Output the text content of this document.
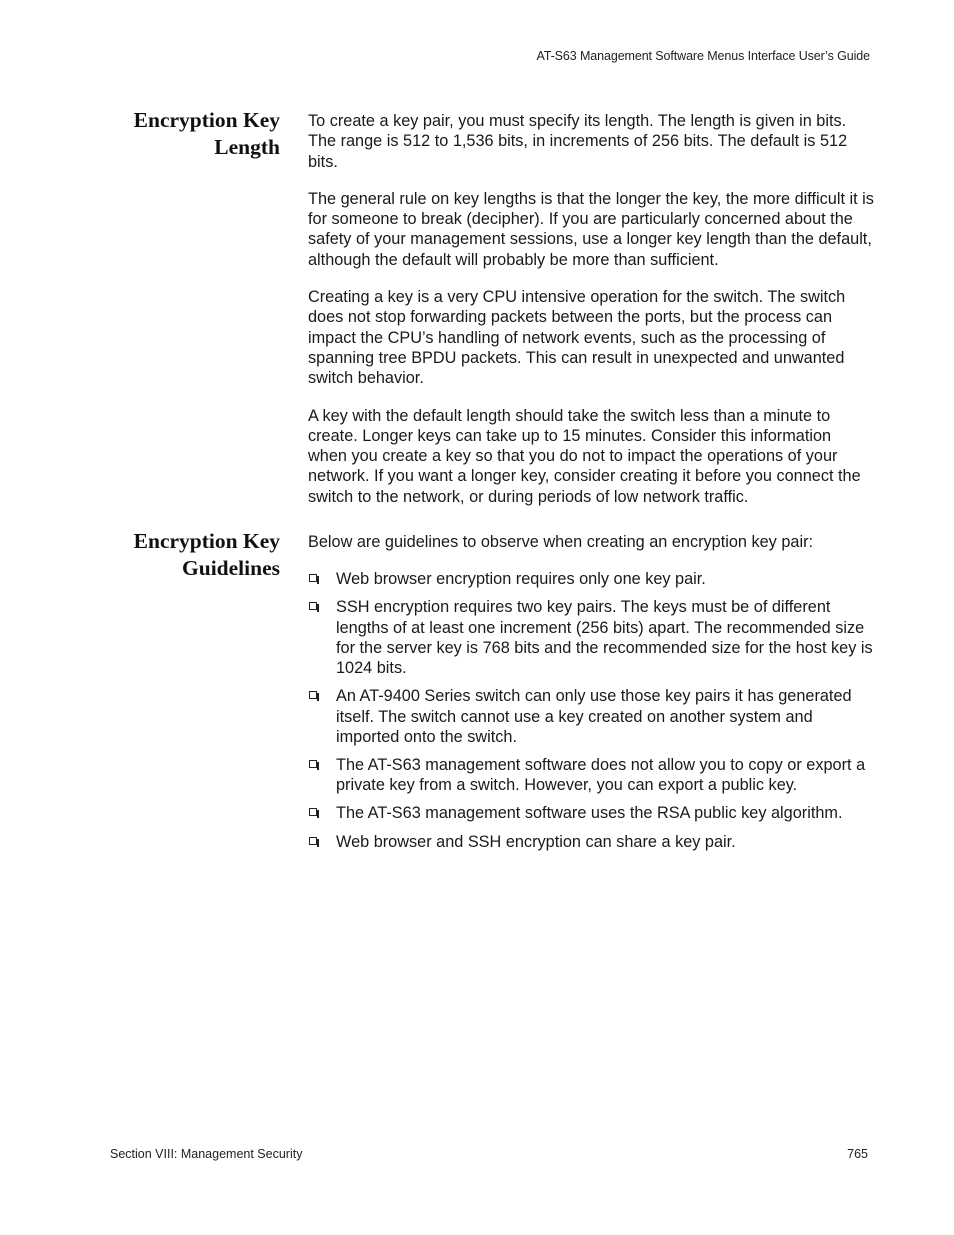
AT-S63 Management Software Menus Interface User’s Guide
Encryption Key
Length

To create a key pair, you must specify its length. The length is given in bits. The range is 512 to 1,536 bits, in increments of 256 bits. The default is 512 bits.

The general rule on key lengths is that the longer the key, the more difficult it is for someone to break (decipher). If you are particularly concerned about the safety of your management sessions, use a longer key length than the default, although the default will probably be more than sufficient.

Creating a key is a very CPU intensive operation for the switch. The switch does not stop forwarding packets between the ports, but the process can impact the CPU’s handling of network events, such as the processing of spanning tree BPDU packets. This can result in unexpected and unwanted switch behavior.

A key with the default length should take the switch less than a minute to create. Longer keys can take up to 15 minutes. Consider this information when you create a key so that you do not to impact the operations of your network. If you want a longer key, consider creating it before you connect the switch to the network, or during periods of low network traffic.

Encryption Key
Guidelines

Below are guidelines to observe when creating an encryption key pair:

Web browser encryption requires only one key pair.
SSH encryption requires two key pairs. The keys must be of different lengths of at least one increment (256 bits) apart. The recommended size for the server key is 768 bits and the recommended size for the host key is 1024 bits.
An AT-9400 Series switch can only use those key pairs it has generated itself. The switch cannot use a key created on another system and imported onto the switch.
The AT-S63 management software does not allow you to copy or export a private key from a switch. However, you can export a public key.
The AT-S63 management software uses the RSA public key algorithm.
Web browser and SSH encryption can share a key pair.
Section VIII: Management Security	765
